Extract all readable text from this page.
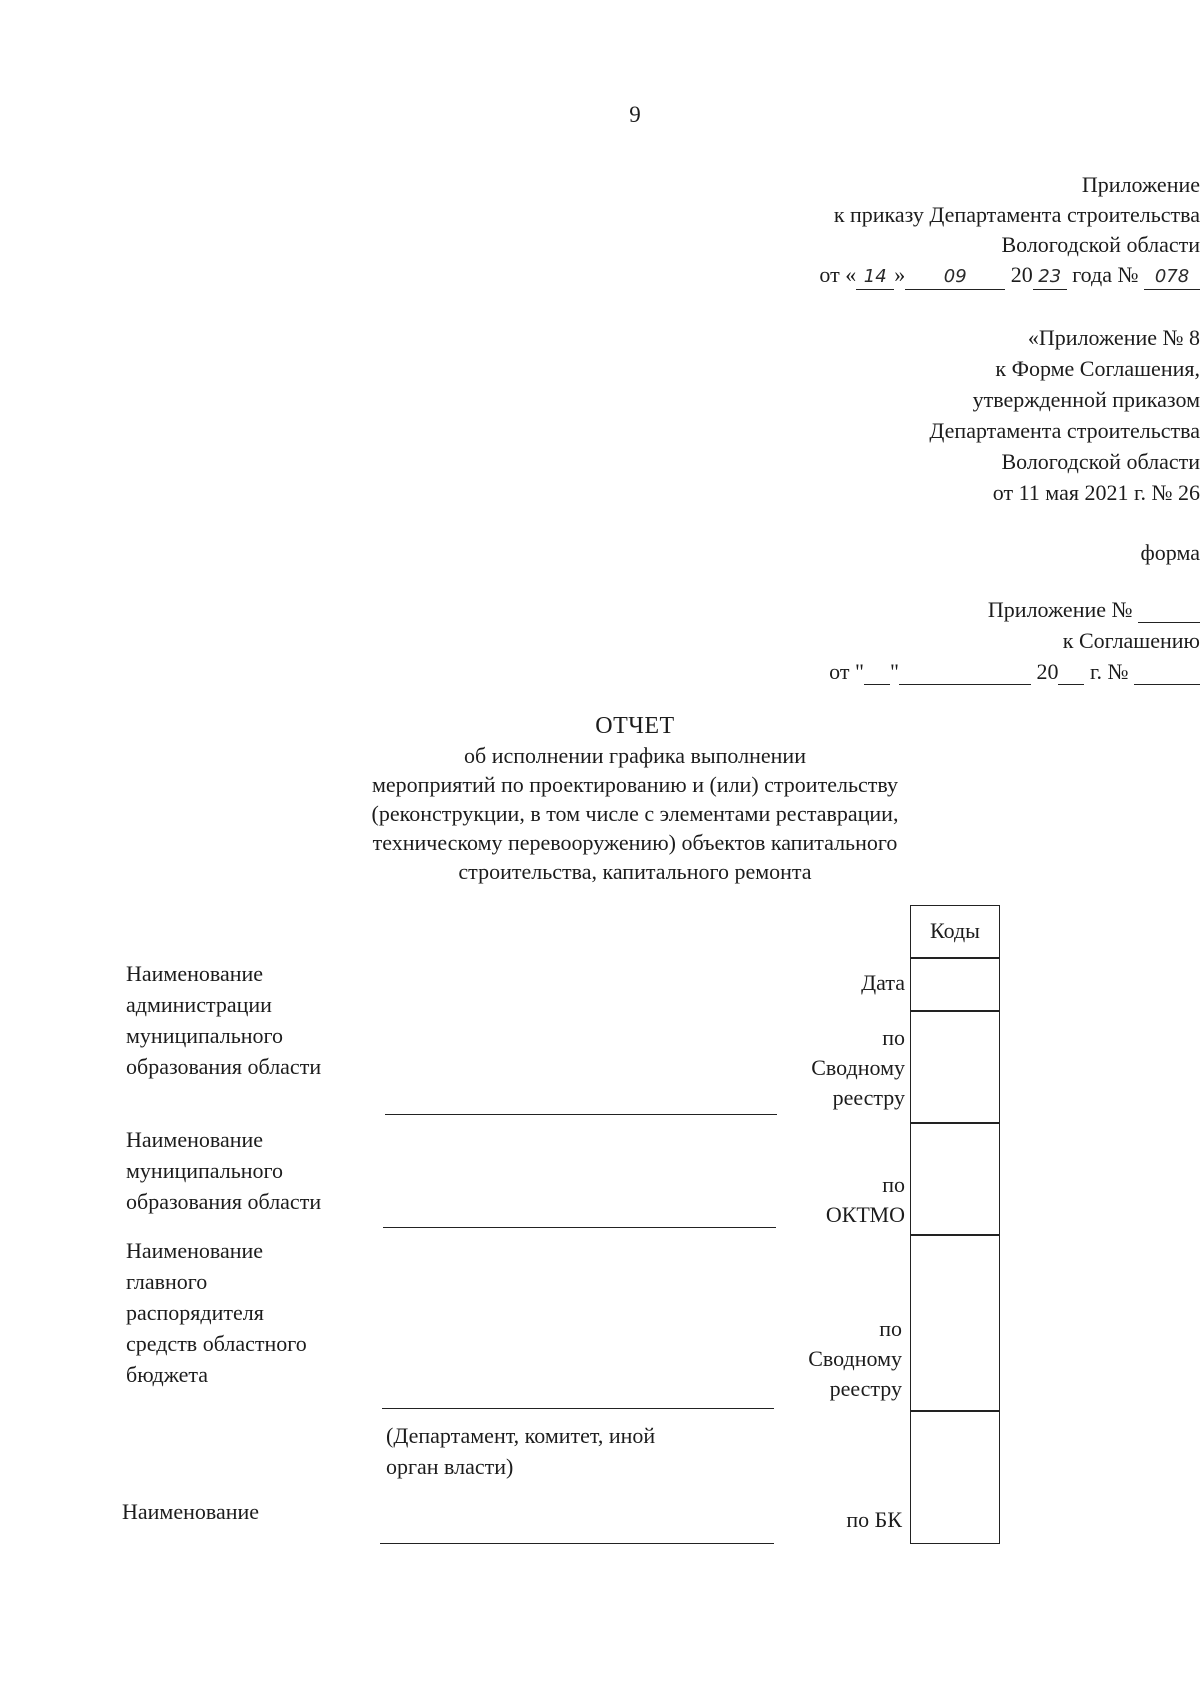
9
Приложение
к приказу Департамента строительства
Вологодской области
от « 14 » 09 20 23 года № 078
«Приложение № 8
к Форме Соглашения,
утвержденной приказом
Департамента строительства
Вологодской области
от 11 мая 2021 г. № 26
форма
Приложение №
к Соглашению
от " "	20 г. №
ОТЧЕТ
об исполнении графика выполнении
мероприятий по проектированию и (или) строительству
(реконструкции, в том числе с элементами реставрации,
техническому перевооружению) объектов капитального
строительства, капитального ремонта
Наименование
администрации
муниципального
образования области
Наименование
муниципального
образования области
Наименование
главного
распорядителя
средств областного
бюджета
Наименование
(Департамент, комитет, иной
орган власти)
Дата
по
Сводному
реестру
по
ОКТМО
по
Сводному
реестру
по БК
Коды
